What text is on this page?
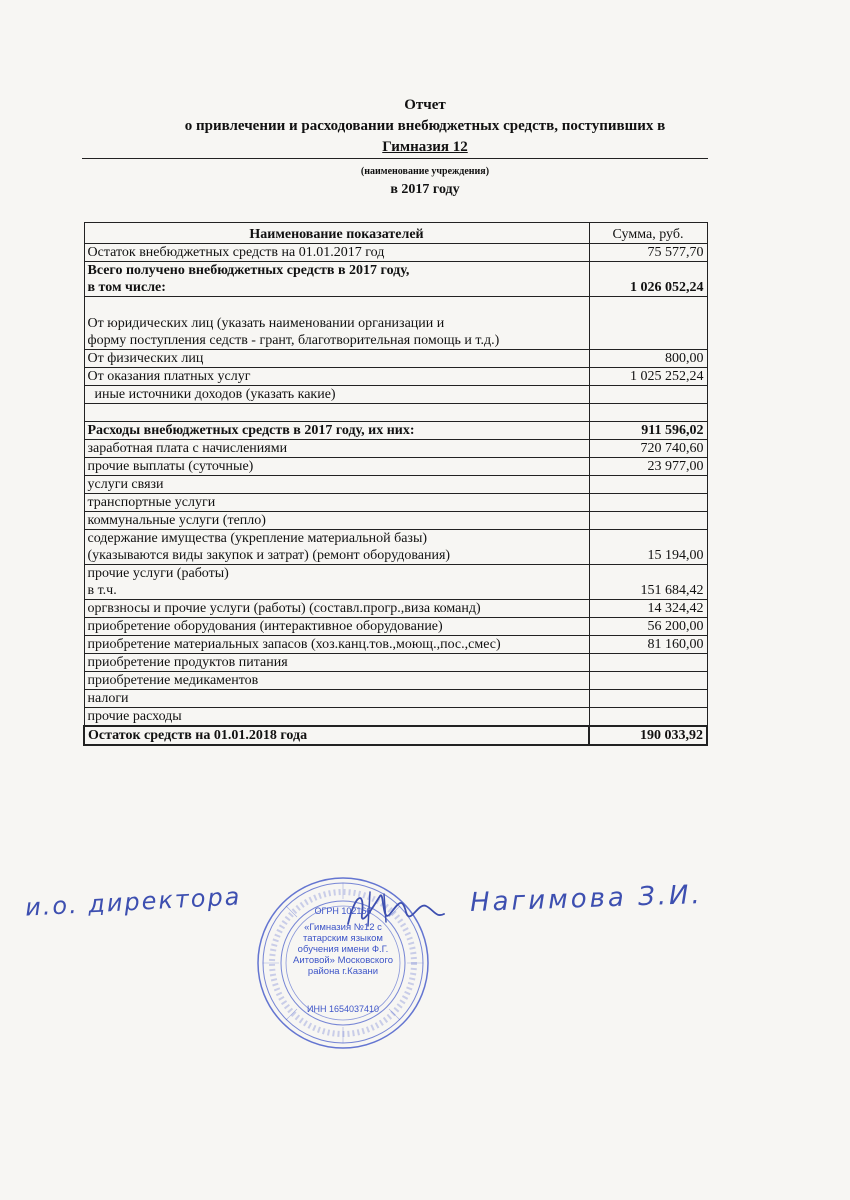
Отчет
о привлечении и расходовании внебюджетных средств, поступивших в
Гимназия 12
(наименование учреждения)
в 2017 году
Наименование показателей	Сумма, руб.
Остаток внебюджетных средств на 01.01.2017 год	75 577,70
Всего получено внебюджетных средств в 2017 году,
в том числе:	1 026 052,24
От юридических лиц (указать наименовании организации и
форму поступления седств - грант, благотворительная помощь и т.д.)	
От физических лиц	800,00
От оказания платных услуг	1 025 252,24
иные источники доходов (указать какие)	

Расходы внебюджетных средств в 2017 году, их них:	911 596,02
заработная плата с начислениями	720 740,60
прочие выплаты (суточные)	23 977,00
услуги связи	
транспортные услуги	
коммунальные услуги (тепло)	
содержание имущества (укрепление материальной базы)
(указываются виды закупок и затрат) (ремонт оборудования)	15 194,00
прочие услуги (работы)
в т.ч.	151 684,42
оргвзносы и прочие услуги (работы) (составл.прогр.,виза команд)	14 324,42
приобретение оборудования (интерактивное оборудование)	56 200,00
приобретение материальных запасов (хоз.канц.тов.,моющ.,пос.,смес)	81 160,00
приобретение продуктов питания	
приобретение медикаментов	
налоги	
прочие расходы	
Остаток средств на 01.01.2018 года	190 033,92
ОГРН 102166
«Гимназия №12 с татарским языком обучения имени Ф.Г. Аитовой» Московского района г.Казани
ИНН 1654037410
и.о. директора	Нагимова З.И.
